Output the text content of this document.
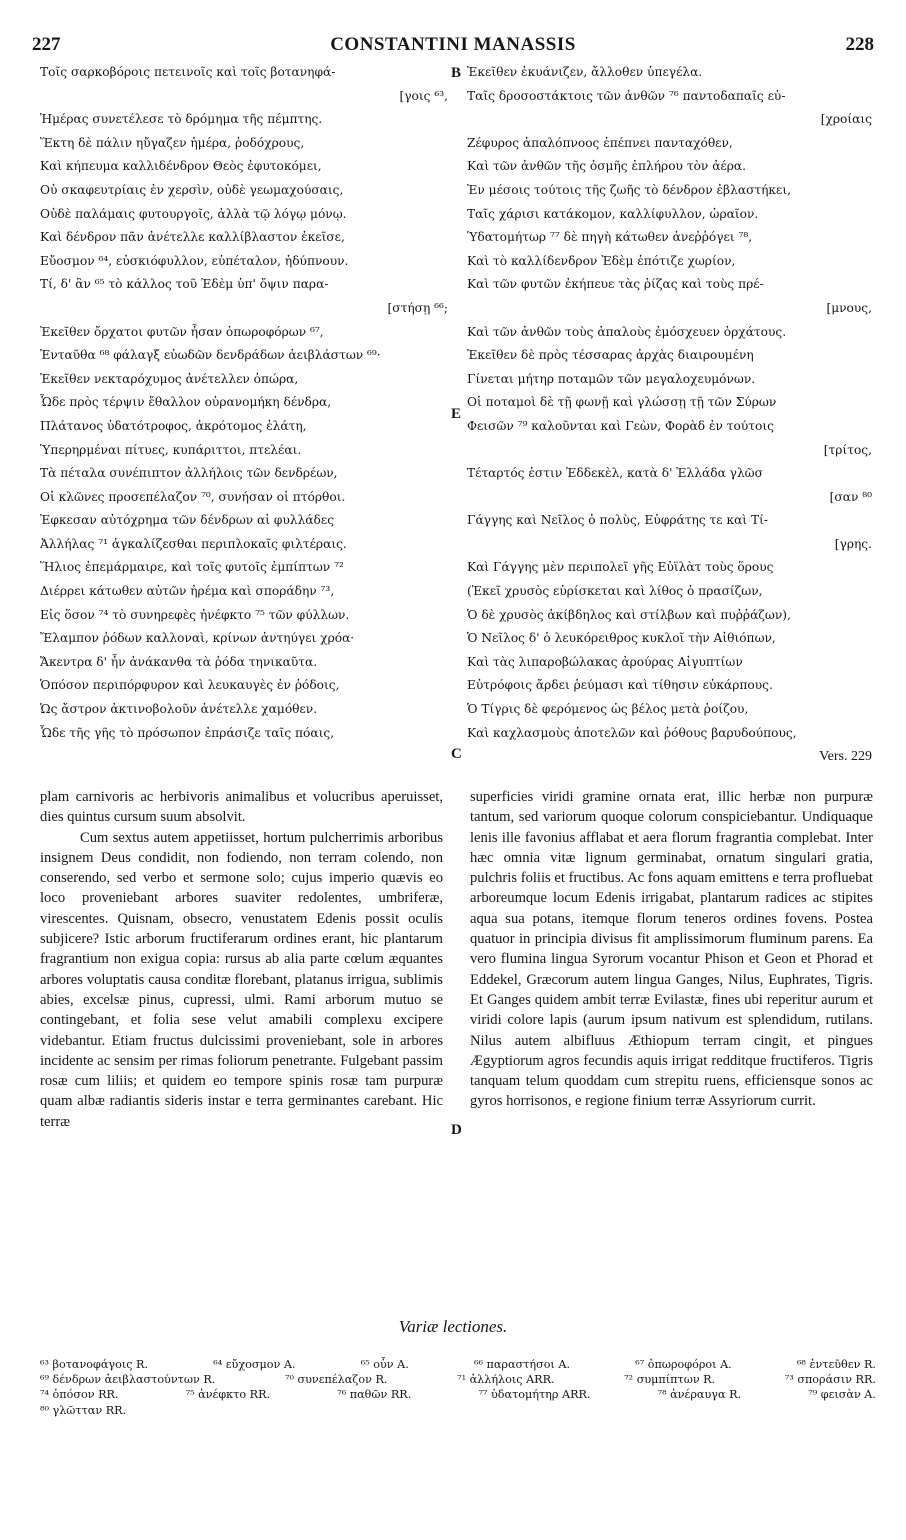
227	CONSTANTINI MANASSIS	228
Τοῖς σαρκοβόροις πετεινοῖς καὶ τοῖς βοτανηφά-
[γοις ⁶³,
Ἡμέρας συνετέλεσε τὸ δρόμημα τῆς πέμπτης.
Ἕκτη δὲ πάλιν ηὔγαζεν ἡμέρα, ῥοδόχρους,
Καὶ κήπευμα καλλιδένδρον Θεὸς ἐφυτοκόμει,
Οὐ σκαφευτρίαις ἐν χερσὶν, οὐδὲ γεωμαχούσαις,
Οὐδὲ παλάμαις φυτουργοῖς, ἀλλὰ τῷ λόγῳ μόνῳ.
Καὶ δένδρον πᾶν ἀνέτελλε καλλίβλαστον ἐκεῖσε,
Εὔοσμον ⁶⁴, εὐσκιόφυλλον, εὐπέταλον, ἡδύπνουν.
Τί, δ' ἂν ⁶⁵ τὸ κάλλος τοῦ Ἐδὲμ ὑπ' ὄψιν παρα-
[στήσῃ ⁶⁶;
Ἐκεῖθεν ὄρχατοι φυτῶν ἦσαν ὀπωροφόρων ⁶⁷,
Ἐνταῦθα ⁶⁸ φάλαγξ εὐωδῶν δενδράδων ἀειβλάστων ⁶⁹·
Ἐκεῖθεν νεκταρόχυμος ἀνέτελλεν ὀπώρα,
Ὧδε πρὸς τέρψιν ἔθαλλον οὐρανομήκη δένδρα,
Πλάτανος ὑδατότροφος, ἀκρότομος ἐλάτη,
Ὑπερηρμέναι πίτυες, κυπάριττοι, πτελέαι.
Τὰ πέταλα συνέπιπτον ἀλλήλοις τῶν δενδρέων,
Οἱ κλῶνες προσεπέλαζον ⁷⁰, συνήσαν οἱ πτόρθοι.
Ἐφκεσαν αὐτόχρημα τῶν δένδρων αἱ φυλλάδες
Ἀλλήλας ⁷¹ ἀγκαλίζεσθαι περιπλοκαῖς φιλτέραις.
Ἥλιος ἐπεμάρμαιρε, καὶ τοῖς φυτοῖς ἐμπίπτων ⁷²
Διέρρει κάτωθεν αὐτῶν ἠρέμα καὶ σποράδην ⁷³,
Εἰς ὅσον ⁷⁴ τὸ συνηρεφὲς ἠνέφκτο ⁷⁵ τῶν φύλλων.
Ἔλαμπον ῥόδων καλλοναὶ, κρίνων ἀντηύγει χρόα·
Ἄκεντρα δ' ἦν ἀνάκανθα τὰ ῥόδα τηνικαῦτα.
Ὁπόσον περιπόρφυρον καὶ λευκαυγὲς ἐν ῥόδοις,
Ὡς ἄστρον ἀκτινοβολοῦν ἀνέτελλε χαμόθεν.
Ὧδε τῆς γῆς τὸ πρόσωπον ἐπράσιζε ταῖς πόαις,
Ἐκεῖθεν ἐκυάνιζεν, ἄλλοθεν ὑπεγέλα.
Ταῖς δροσοστάκτοις τῶν ἀνθῶν ⁷⁶ παντοδαπαῖς εὐ-
[χροίαις
Ζέφυρος ἁπαλόπνοος ἐπέπνει πανταχόθεν,
Καὶ τῶν ἀνθῶν τῆς ὀσμῆς ἐπλήρου τὸν ἀέρα.
Ἐν μέσοις τούτοις τῆς ζωῆς τὸ δένδρον ἐβλαστήκει,
Ταῖς χάρισι κατάκομον, καλλίφυλλον, ὡραῖον.
Ὑδατομήτωρ ⁷⁷ δὲ πηγὴ κάτωθεν ἀνεῤῥόγει ⁷⁸,
Καὶ τὸ καλλίδενδρον Ἐδὲμ ἐπότιζε χωρίον,
Καὶ τῶν φυτῶν ἐκήπευε τὰς ῥίζας καὶ τοὺς πρέ-
[μνους,
Καὶ τῶν ἀνθῶν τοὺς ἁπαλοὺς ἐμόσχευεν ὀρχάτους.
Ἐκεῖθεν δὲ πρὸς τέσσαρας ἀρχὰς διαιρουμένη
Γίνεται μήτηρ ποταμῶν τῶν μεγαλοχευμόνων.
Οἱ ποταμοὶ δὲ τῇ φωνῇ καὶ γλώσσῃ τῇ τῶν Σύρων
Φεισῶν ⁷⁹ καλοῦνται καὶ Γεὼν, Φορὰδ ἐν τούτοις
[τρίτος,
Τέταρτός ἐστιν Ἐδδεκὲλ, κατὰ δ' Ἑλλάδα γλῶσ
[σαν ⁸⁰
Γάγγης καὶ Νεῖλος ὁ πολὺς, Εὐφράτης τε καὶ Τί-
[γρης.
Καὶ Γάγγης μὲν περιπολεῖ γῆς Εὐϊλὰτ τοὺς ὅρους
(Ἐκεῖ χρυσὸς εὑρίσκεται καὶ λίθος ὁ πρασίζων,
Ὁ δὲ χρυσὸς ἀκίβδηλος καὶ στίλβων καὶ πυῤῥάζων),
Ὁ Νεῖλος δ' ὁ λευκόρειθρος κυκλοῖ τὴν Αἰθιόπων,
Καὶ τὰς λιπαροβώλακας ἀρούρας Αἰγυπτίων
Εὐτρόφοις ἄρδει ῥεύμασι καὶ τίθησιν εὐκάρπους.
Ὁ Τίγρις δὲ φερόμενος ὡς βέλος μετὰ ῥοίζου,
Καὶ καχλασμοὺς ἀποτελῶν καὶ ῥόθους βαρυδούπους,
Vers. 229
B
E
C
D

plam carnivoris ac herbivoris animalibus et volucribus aperuisset, dies quintus cursum suum absolvit.

Cum sextus autem appetiisset, hortum pulcherrimis arboribus insignem Deus condidit, non fodiendo, non terram colendo, non conserendo, sed verbo et sermone solo; cujus imperio quævis eo loco proveniebant arbores suaviter redolentes, umbriferæ, virescentes. Quisnam, obsecro, venustatem Edenis possit oculis subjicere? Istic arborum fructiferarum ordines erant, hic plantarum fragrantium non exigua copia: rursus ab alia parte cœlum æquantes arbores voluptatis causa conditæ florebant, platanus irrigua, sublimis abies, excelsæ pinus, cupressi, ulmi. Rami arborum mutuo se contingebant, et folia sese velut amabili complexu excipere videbantur. Etiam fructus dulcissimi proveniebant, sole in arbores incidente ac sensim per rimas foliorum penetrante. Fulgebant passim rosæ cum liliis; et quidem eo tempore spinis rosæ tam purpuræ quam albæ radiantis sideris instar e terra germinantes carebant. Hic terræ

superficies viridi gramine ornata erat, illic herbæ non purpuræ tantum, sed variorum quoque colorum conspiciebantur. Undiquaque lenis ille favonius afflabat et aera florum fragrantia complebat. Inter hæc omnia vitæ lignum germinabat, ornatum singulari gratia, pulchris foliis et fructibus. Ac fons aquam emittens e terra profluebat arboreumque locum Edenis irrigabat, plantarum radices ac stipites aqua sua potans, itemque florum teneros ordines fovens. Postea quatuor in principia divisus fit amplissimorum fluminum parens. Ea vero flumina lingua Syrorum vocantur Phison et Geon et Phorad et Eddekel, Græcorum autem lingua Ganges, Nilus, Euphrates, Tigris. Et Ganges quidem ambit terræ Evilastæ, fines ubi reperitur aurum et viridi colore lapis (aurum ipsum nativum est splendidum, rutilans. Nilus autem albifluus Æthiopum terram cingit, et pingues Ægyptiorum agros fecundis aquis irrigat redditque fructiferos. Tigris tanquam telum quoddam cum strepitu ruens, efficiensque sonos ac gyros horrisonos, e regione finium terræ Assyriorum currit.

Variæ lectiones.
⁶³ βοτανοφάγοις R.	⁶⁴ εὔχοσμον A.	⁶⁵ οὖν A.	⁶⁶ παραστήσοι A.	⁶⁷ ὀπωροφόροι A.	⁶⁸ ἐντεῦθεν R.
⁶⁹ δένδρων ἀειβλαστούντων R.	⁷⁰ συνεπέλαζον R.	⁷¹ ἀλλήλοις ARR.	⁷² συμπίπτων R.	⁷³ σποράσιν RR.
⁷⁴ ὁπόσον RR.	⁷⁵ ἀνέφκτο RR.	⁷⁶ παθῶν RR.	⁷⁷ ὑδατομήτηρ ARR.	⁷⁸ ἀνέραυγα R.	⁷⁹ φεισὰν A.
⁸⁰ γλῶτταν RR.
